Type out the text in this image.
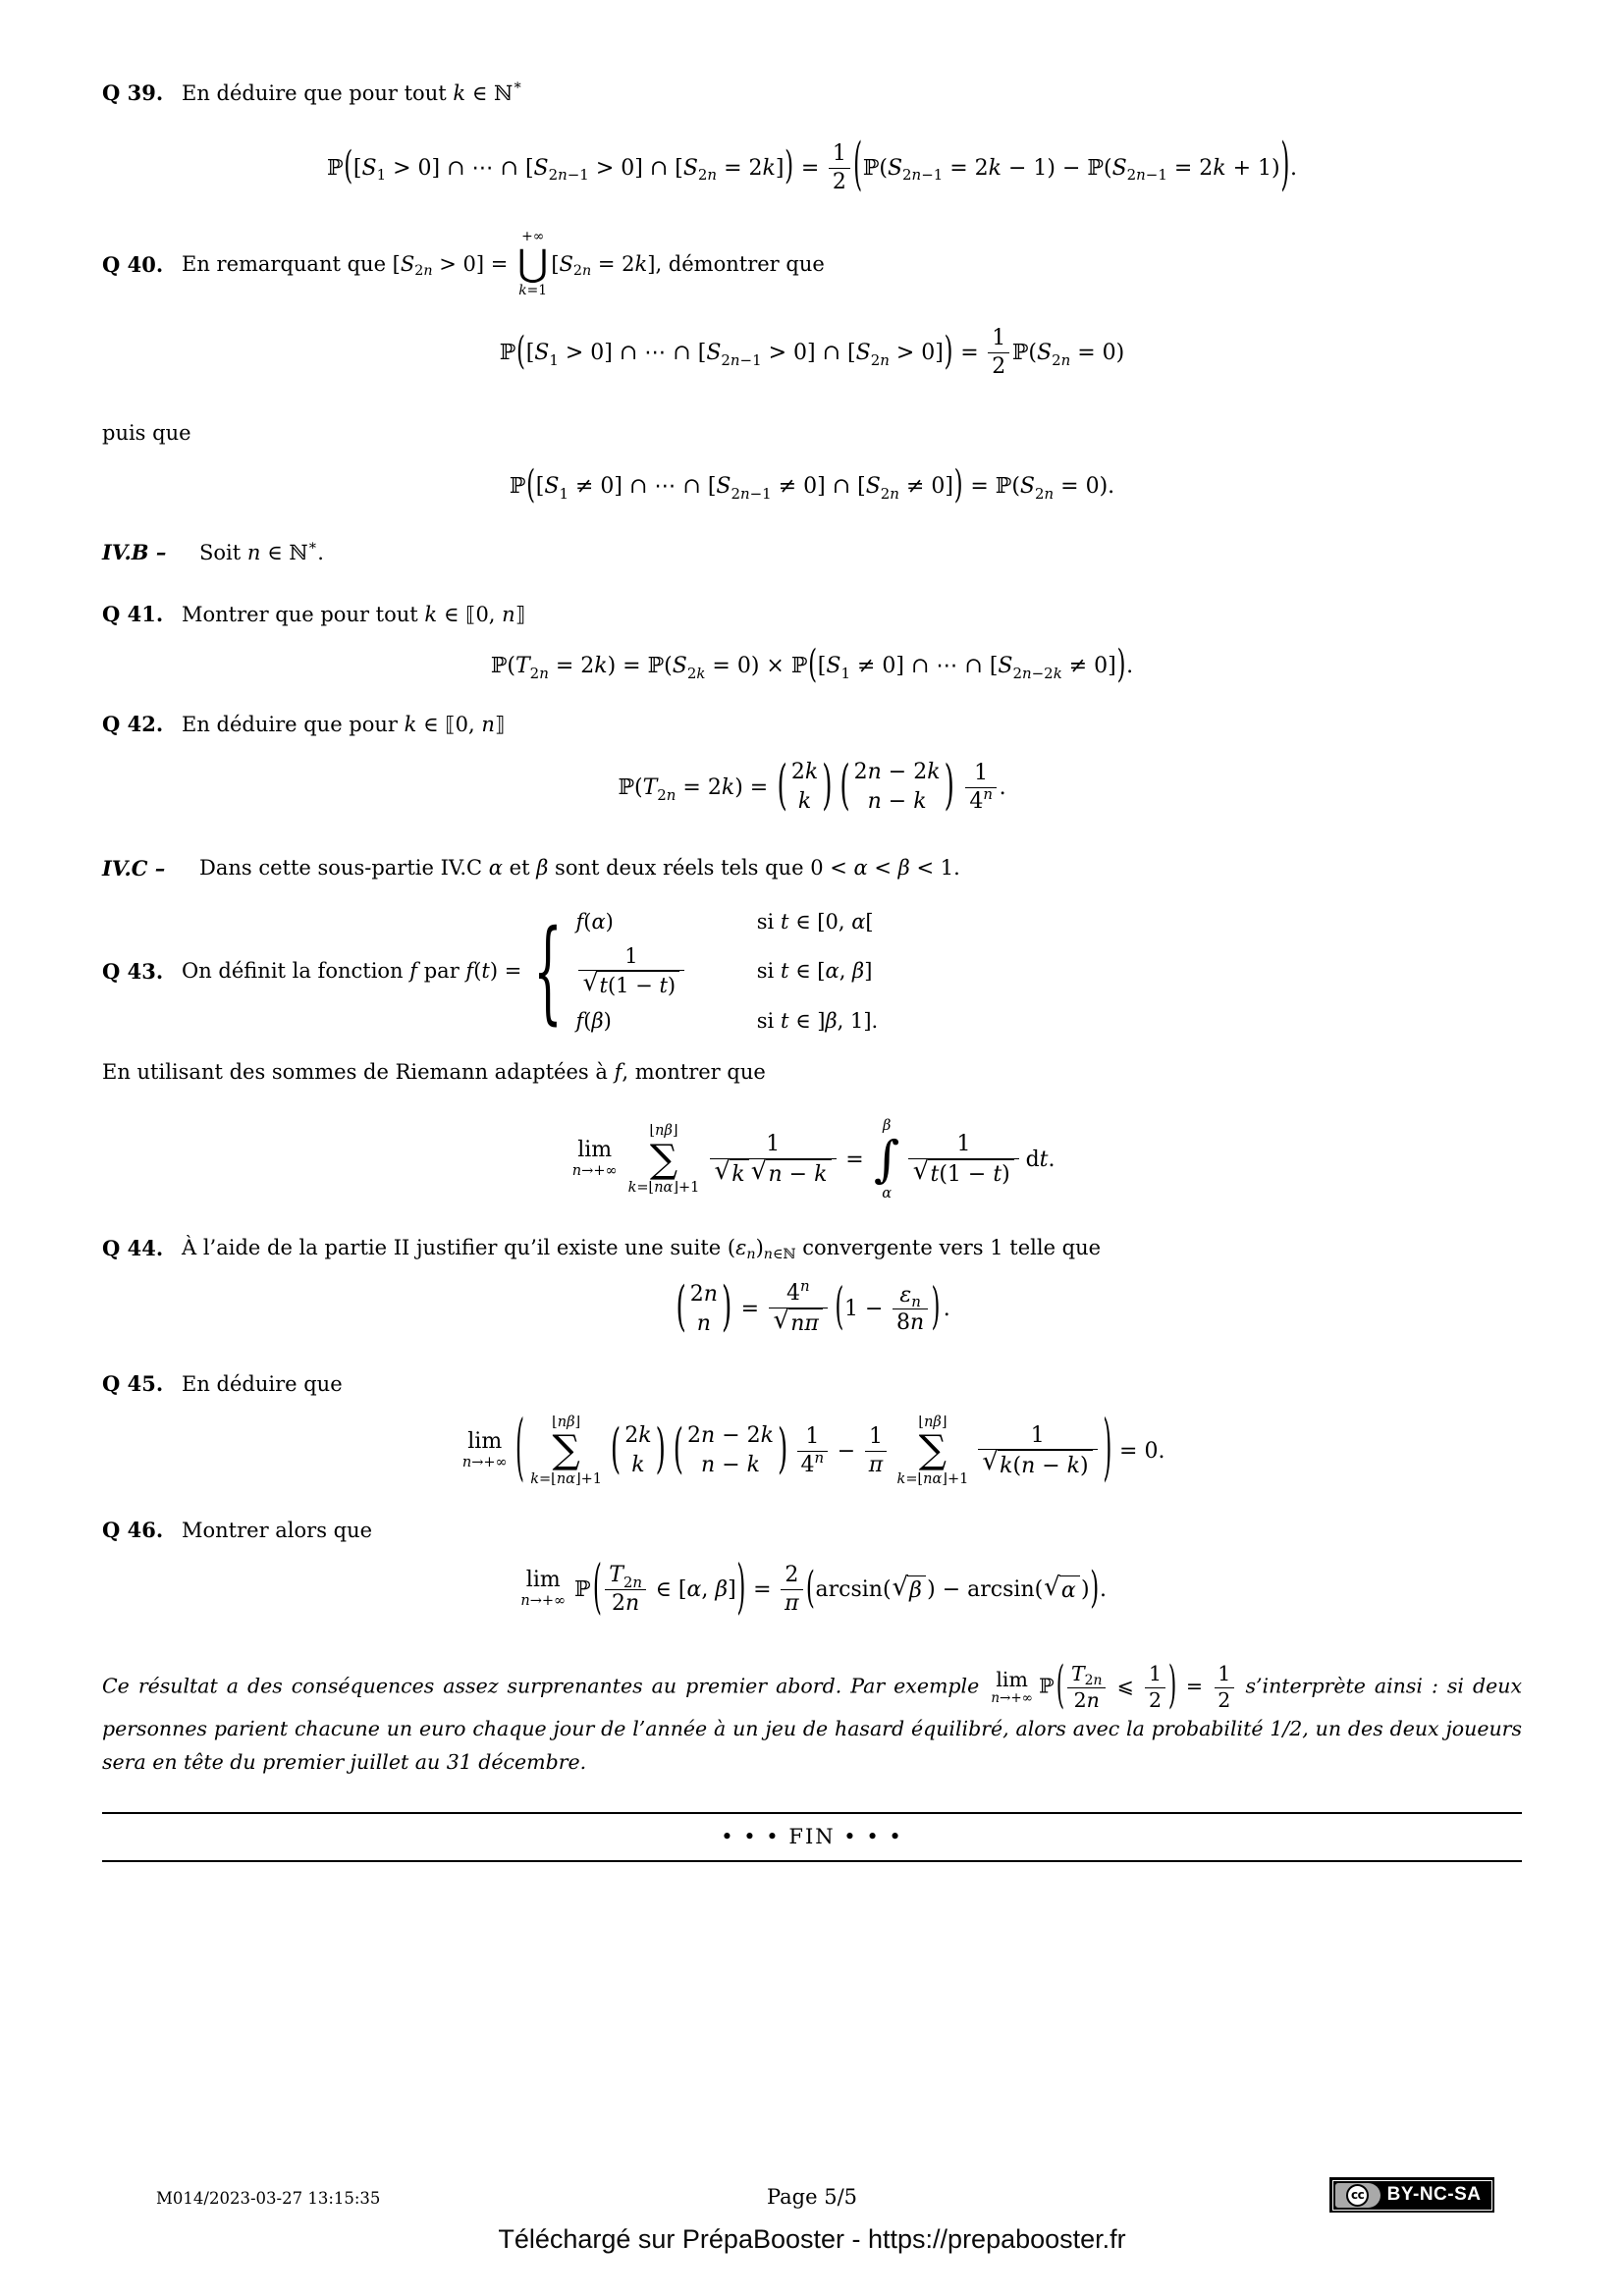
Q 39. En déduire que pour tout k ∈ ℕ ∗
ℙ ( [S 1 > 0] ∩ ⋯ ∩ [S 2n−1 > 0] ∩ [S 2n = 2k] ) = $\frac{1}{2}$ ( ℙ(S 2n−1 = 2k − 1) − ℙ(S 2n−1 = 2k + 1) ) .
Q 40. En remarquant que [S 2n > 0] =
+∞
⋃
k=1
[S 2n = 2k] , démontrer que
ℙ ( [S 1 > 0] ∩ ⋯ ∩ [S 2n−1 > 0] ∩ [S 2n > 0] ) = $\frac{1}{2}$ ℙ(S 2n = 0)
puis que
ℙ ( [S 1 ≠ 0] ∩ ⋯ ∩ [S 2n−1 ≠ 0] ∩ [S 2n ≠ 0] ) = ℙ(S 2n = 0).
IV.B –	Soit n ∈ ℕ ∗ .
Q 41. Montrer que pour tout k ∈ ⟦0, n ⟧
ℙ(T 2n = 2k) = ℙ(S 2k = 0) × ℙ ( [S 1 ≠ 0] ∩ ⋯ ∩ [S 2n−2k ≠ 0] ) .
Q 42. En déduire que pour k ∈ ⟦0, n ⟧
ℙ(T 2n = 2k) = ( 2k
k ) ( 2n − 2k
n − k ) $\frac{1}{4 n}$ .
IV.C –	Dans cette sous-partie IV.C α et β sont deux réels tels que 0 < α < β < 1 .
Q 43. On définit la fonction f par f(t) = { f(α)	si t ∈ [0, α[
$\frac{1}{√ t(1 - t)}$	si t ∈ [α, β]
f(β)	si t ∈ ]β, 1].
En utilisant des sommes de Riemann adaptées à f, montrer que
lim
n→+∞
⌊nβ⌋
∑
k=⌊nα⌋+1 $\frac{1}{√ k √ n - k}$ =
β
∫
α
$\frac{1}{√ t(1 - t)}$ d t.
Q 44. À l’aide de la partie II justifier qu’il existe une suite ( ε n ) n∈ℕ convergente vers 1 telle que
( 2n
n ) = $\frac{4 n}{√ n\pi}$ ( $1 - \frac{\text{ε n}}{8n}$ ) .
Q 45. En déduire que
lim
n→+∞ ( ⌊nβ⌋
∑
k=⌊nα⌋+1 ( 2k
k ) ( 2n − 2k
n − k ) $\frac{1}{4 n} - \frac{1}{\pi}$
⌊nβ⌋
∑
k=⌊nα⌋+1 $\frac{1}{√ k(n - k)}$ ) = 0.
Q 46. Montrer alors que
lim
n→+∞ ℙ ( $\frac{T 2n}{2n}$ ∈ [α, β] ) = $\frac{2}{\pi}$ ( arcsin( √ β ) − arcsin( √ α ) ) .

Ce résultat a des conséquences assez surprenantes au premier abord. Par exemple lim
n→+∞
ℙ ( $\frac{T 2n}{2n}$ ⩽ $\frac{1}{2}$ ) = $\frac{1}{2}$ s’interprète ainsi : si deux personnes parient chacune un euro chaque jour de l’année à un jeu de hasard équilibré, alors avec la probabilité 1/2, un des deux joueurs sera en tête du premier juillet au 31 décembre.

• • • FIN • • •
M014/2023-03-27 13:15:35	Page 5/5	cc	BY-NC-SA
Téléchargé sur PrépaBooster - https://prepabooster.fr
